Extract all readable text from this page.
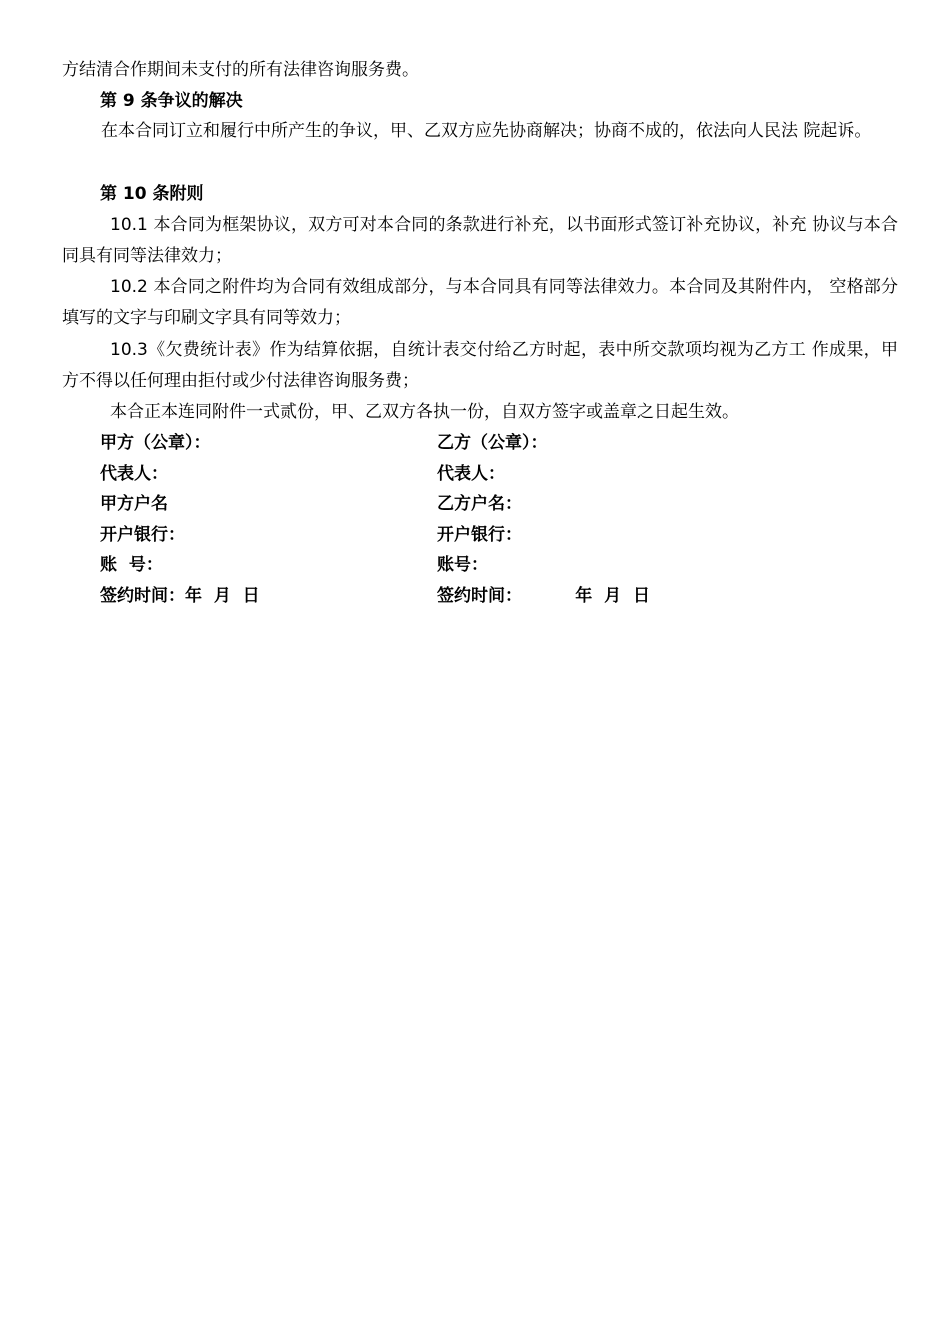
方结清合作期间未支付的所有法律咨询服务费。

第 9 条争议的解决

在本合同订立和履行中所产生的争议，甲、乙双方应先协商解决；协商不成的，依法向人民法 院起诉。

第 10 条附则

10.1 本合同为框架协议，双方可对本合同的条款进行补充，以书面形式签订补充协议，补充 协议与本合同具有同等法律效力；

10.2 本合同之附件均为合同有效组成部分，与本合同具有同等法律效力。本合同及其附件内， 空格部分填写的文字与印刷文字具有同等效力；

10.3《欠费统计表》作为结算依据，自统计表交付给乙方时起，表中所交款项均视为乙方工 作成果，甲方不得以任何理由拒付或少付法律咨询服务费；

本合正本连同附件一式贰份，甲、乙双方各执一份，自双方签字或盖章之日起生效。

甲方（公章）：
代表人：
甲方户名
开户银行：
账  号：
签约时间：年  月  日
乙方（公章）：
代表人：
乙方户名：
开户银行：
账号：
签约时间：         年  月  日
